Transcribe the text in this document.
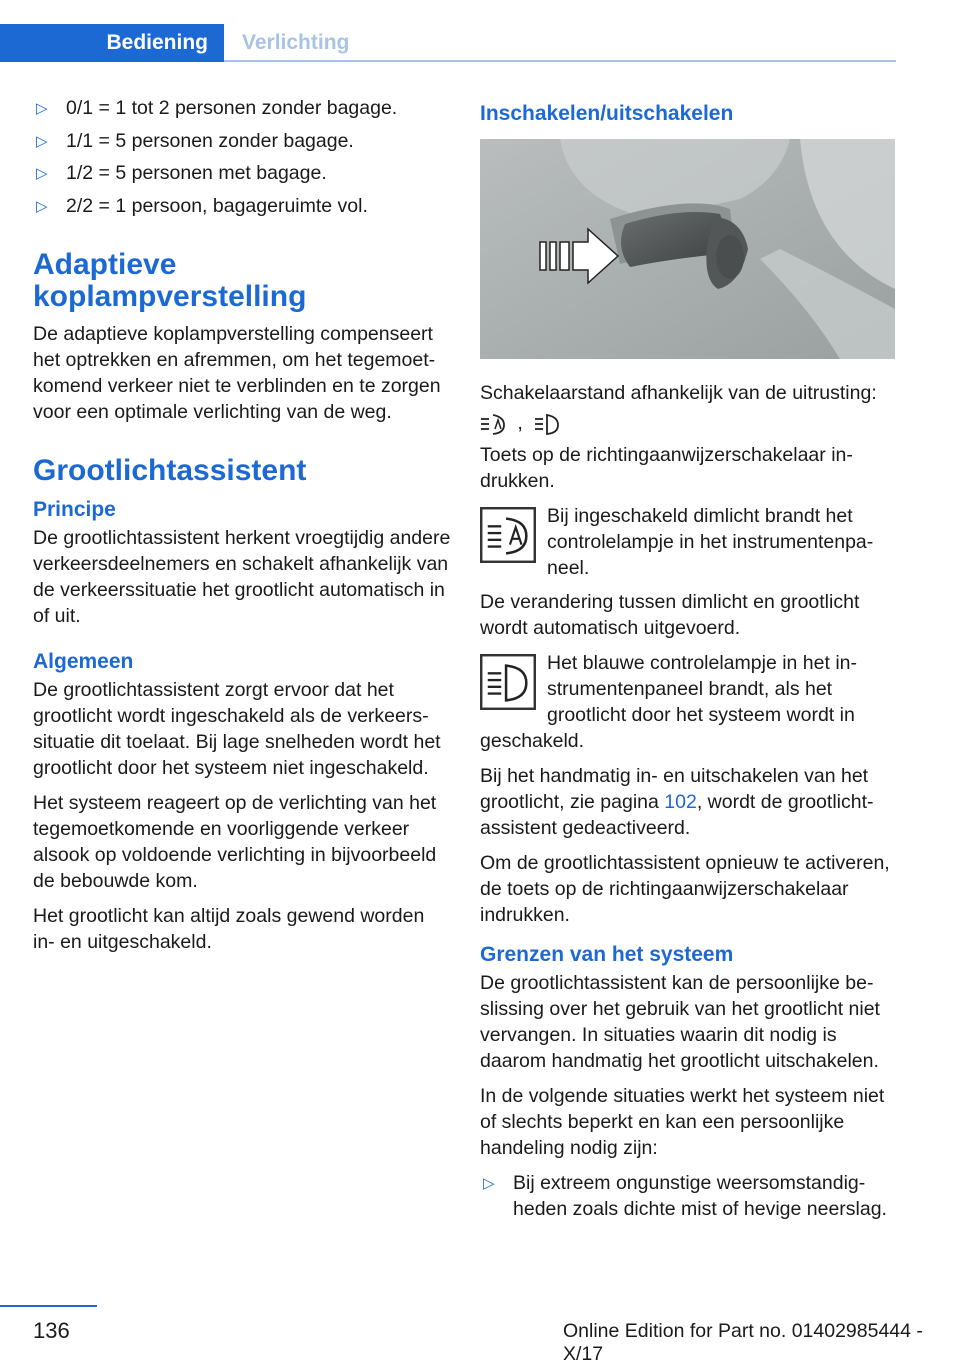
Bediening Verlichting
▷ 0/1 = 1 tot 2 personen zonder bagage.
▷ 1/1 = 5 personen zonder bagage.
▷ 1/2 = 5 personen met bagage.
▷ 2/2 = 1 persoon, bagageruimte vol.
Adaptieve
koplampverstelling

De adaptieve koplampverstelling compenseert het optrekken en afremmen, om het tegemoetkomend verkeer niet te verblinden en te zorgen voor een optimale verlichting van de weg.

Grootlichtassistent
Principe

De grootlichtassistent herkent vroegtijdig andere verkeersdeelnemers en schakelt afhankelijk van de verkeerssituatie het grootlicht automatisch in of uit.

Algemeen

De grootlichtassistent zorgt ervoor dat het grootlicht wordt ingeschakeld als de verkeerssituatie dit toelaat. Bij lage snelheden wordt het grootlicht door het systeem niet ingeschakeld.

Het systeem reageert op de verlichting van het tegemoetkomende en voorliggende verkeer alsook op voldoende verlichting in bijvoorbeeld de bebouwde kom.

Het grootlicht kan altijd zoals gewend worden in- en uitgeschakeld.

Inschakelen/uitschakelen

Schakelaarstand afhankelijk van de uitrusting:

,

Toets op de richtingaanwijzerschakelaar indrukken.

Bij ingeschakeld dimlicht brandt het controlelampje in het instrumentenpaneel.

De verandering tussen dimlicht en grootlicht wordt automatisch uitgevoerd.

Het blauwe controlelampje in het instrumentenpaneel brandt, als het grootlicht door het systeem wordt in

geschakeld.

Bij het handmatig in- en uitschakelen van het grootlicht, zie pagina 102, wordt de grootlichtassistent gedeactiveerd.

Om de grootlichtassistent opnieuw te activeren, de toets op de richtingaanwijzerschakelaar indrukken.

Grenzen van het systeem

De grootlichtassistent kan de persoonlijke beslissing over het gebruik van het grootlicht niet vervangen. In situaties waarin dit nodig is daarom handmatig het grootlicht uitschakelen.

In de volgende situaties werkt het systeem niet of slechts beperkt en kan een persoonlijke handeling nodig zijn:

▷ Bij extreem ongunstige weersomstandigheden zoals dichte mist of hevige neerslag.
136	Online Edition for Part no. 01402985444 - X/17
